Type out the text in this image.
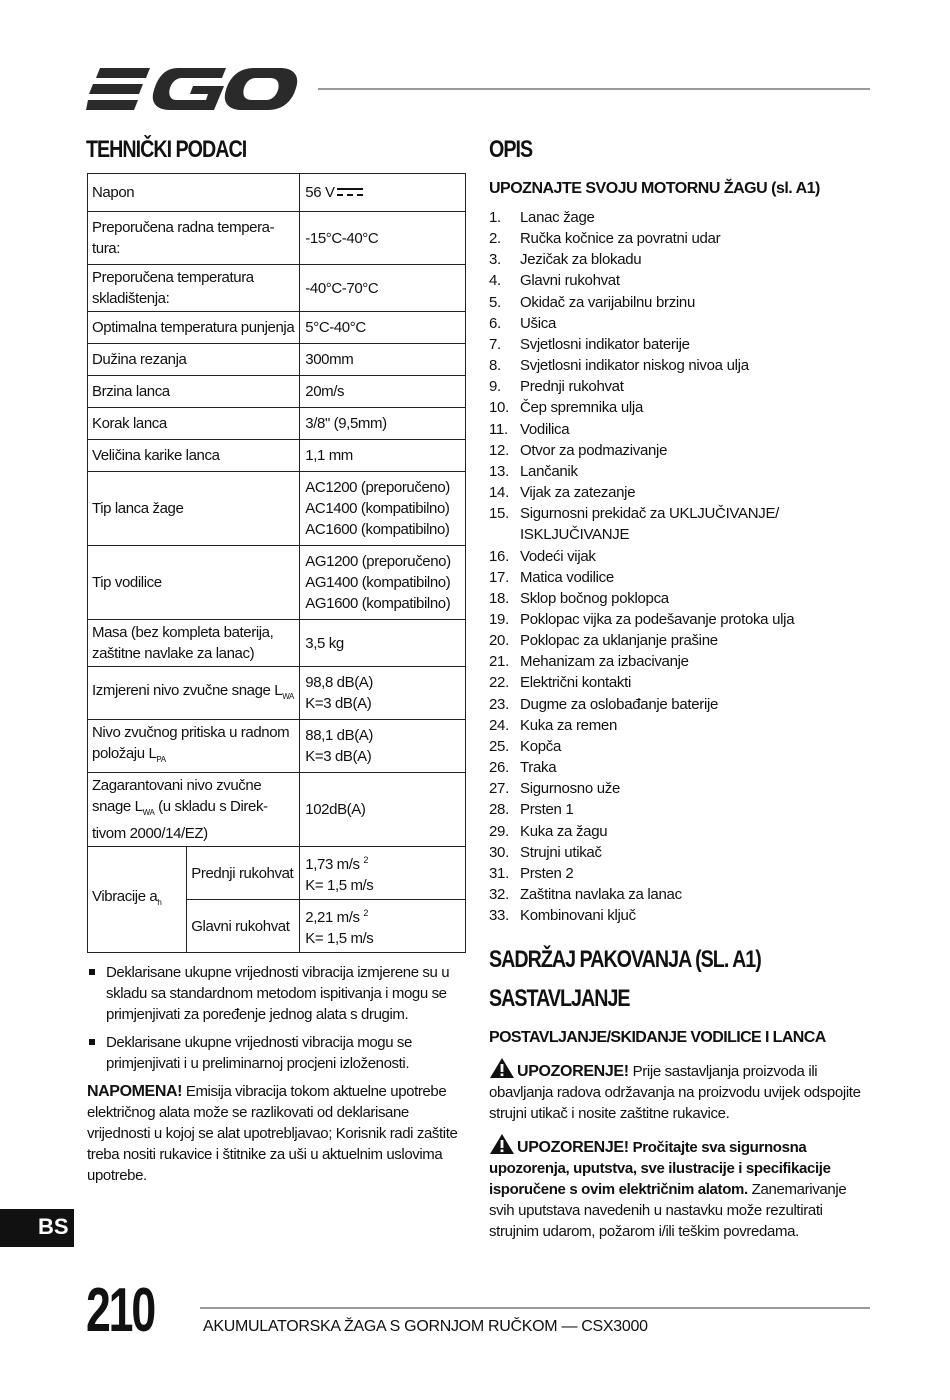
TEHNIČKI PODACI
Napon		56 V
Preporučena radna tempera-tura:		-15°C-40°C
Preporučena temperatura skladištenja:		-40°C-70°C
Optimalna temperatura punjenja		5°C-40°C
Dužina rezanja		300mm
Brzina lanca		20m/s
Korak lanca		3/8" (9,5mm)
Veličina karike lanca		1,1 mm
Tip lanca žage		AC1200 (preporučeno)
AC1400 (kompatibilno)
AC1600 (kompatibilno)

Tip vodilice		AG1200 (preporučeno)
AG1400 (kompatibilno)
AG1600 (kompatibilno)

Masa (bez kompleta baterija, zaštitne navlake za lanac)		3,5 kg
Izmjereni nivo zvučne snage $L_{WA}$		98,8 dB(A)
K=3 dB(A)

Nivo zvučnog pritiska u radnom položaju $L_{PA}$		88,1 dB(A)
K=3 dB(A)

Zagarantovani nivo zvučne snage $L_{WA}$ (u skladu s Direk-tivom 2000/14/EZ)		102dB(A)
Vibracije $a_h$	Prednji rukohvat	1,73 m/s $^2$
K= 1,5 m/s

	Glavni rukohvat	2,21 m/s $^2$
K= 1,5 m/s
Deklarisane ukupne vrijednosti vibracija izmjerene su u skladu sa standardnom metodom ispitivanja i mogu se primjenjivati za poređenje jednog alata s drugim.
Deklarisane ukupne vrijednosti vibracija mogu se primjenjivati i u preliminarnoj procjeni izloženosti.
NAPOMENA! Emisija vibracija tokom aktuelne upotrebe električnog alata može se razlikovati od deklarisane vrijednosti u kojoj se alat upotrebljavao; Korisnik radi zaštite treba nositi rukavice i štitnike za uši u aktuelnim uslovima upotrebe.
OPIS
UPOZNAJTE SVOJU MOTORNU ŽAGU (sl. A1)
1. Lanac žage
2. Ručka kočnice za povratni udar
3. Jezičak za blokadu
4. Glavni rukohvat
5. Okidač za varijabilnu brzinu
6. Ušica
7. Svjetlosni indikator baterije
8. Svjetlosni indikator niskog nivoa ulja
9. Prednji rukohvat
10. Čep spremnika ulja
11. Vodilica
12. Otvor za podmazivanje
13. Lančanik
14. Vijak za zatezanje
15. Sigurnosni prekidač za UKLJUČIVANJE/ ISKLJUČIVANJE
16. Vodeći vijak
17. Matica vodilice
18. Sklop bočnog poklopca
19. Poklopac vijka za podešavanje protoka ulja
20. Poklopac za uklanjanje prašine
21. Mehanizam za izbacivanje
22. Električni kontakti
23. Dugme za oslobađanje baterije
24. Kuka za remen
25. Kopča
26. Traka
27. Sigurnosno uže
28. Prsten 1
29. Kuka za žagu
30. Strujni utikač
31. Prsten 2
32. Zaštitna navlaka za lanac
33. Kombinovani ključ
SADRŽAJ PAKOVANJA (SL. A1)
SASTAVLJANJE
POSTAVLJANJE/SKIDANJE VODILICE I LANCA
UPOZORENJE! Prije sastavljanja proizvoda ili obavljanja radova održavanja na proizvodu uvijek odspojite strujni utikač i nosite zaštitne rukavice.
UPOZORENJE! Pročitajte sva sigurnosna upozorenja, uputstva, sve ilustracije i specifikacije isporučene s ovim električnim alatom. Zanemarivanje svih uputstava navedenih u nastavku može rezultirati strujnim udarom, požarom i/ili teškim povredama.
BS
210	AKUMULATORSKA ŽAGA S GORNJOM RUČKOM — CSX3000
